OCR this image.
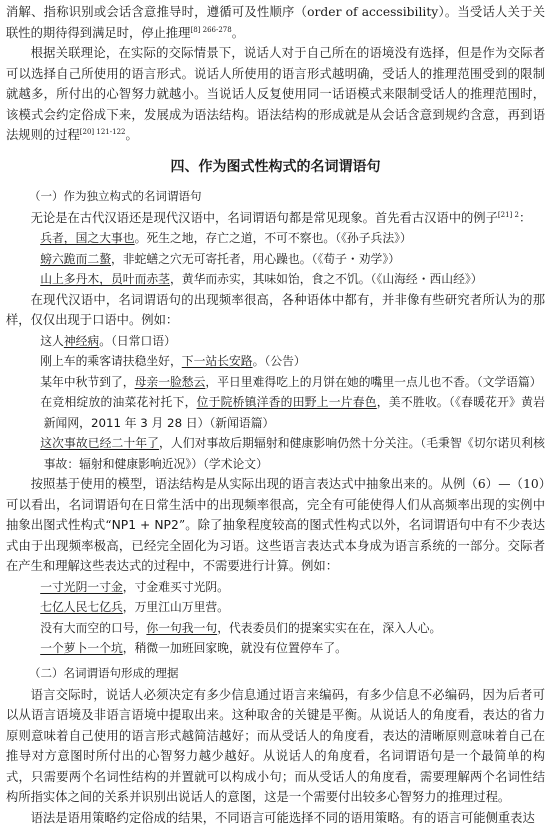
消解、指称识别或会话含意推导时，遵循可及性顺序（order of accessibility）。当受话人关于关联性的期待得到满足时，停止推理$^{[8] 266-278}$。

根据关联理论，在实际的交际情景下，说话人对于自己所在的语境没有选择，但是作为交际者可以选择自己所使用的语言形式。说话人所使用的语言形式越明确，受话人的推理范围受到的限制就越多，所付出的心智努力就越小。当说话人反复使用同一话语模式来限制受话人的推理范围时，该模式会约定俗成下来，发展成为语法结构。语法结构的形成就是从会话含意到规约含意，再到语法规则的过程$^{[20] 121-122}$。

四、作为图式性构式的名词谓语句
（一）作为独立构式的名词谓语句

无论是在古代汉语还是现代汉语中，名词谓语句都是常见现象。首先看古汉语中的例子$^{[21] 2}$：

兵者，国之大事也。死生之地，存亡之道，不可不察也。（《孙子兵法》）

螃六跪而二螯，非蛇蟮之穴无可寄托者，用心躁也。（《荀子・劝学》）

山上多丹木，员叶而赤茎，黄华而赤实，其味如饴，食之不饥。（《山海经・西山经》）

在现代汉语中，名词谓语句的出现频率很高，各种语体中都有，并非像有些研究者所认为的那样，仅仅出现于口语中。例如：

这人神经病。（日常口语）

刚上车的乘客请扶稳坐好，下一站长安路。（公告）

某年中秋节到了，母亲一脸愁云，平日里难得吃上的月饼在她的嘴里一点儿也不香。（文学语篇）

在竞相绽放的油菜花衬托下，位于院桥镇洋香的田野上一片春色，美不胜收。（《春暖花开》黄岩新闻网，2011 年 3 月 28 日）（新闻语篇）

这次事故已经二十年了，人们对事故后期辐射和健康影响仍然十分关注。（毛秉智《切尔诺贝利核事故：辐射和健康影响近况》）（学术论文）

按照基于使用的模型，语法结构是从实际出现的语言表达式中抽象出来的。从例（6）—（10）可以看出，名词谓语句在日常生活中的出现频率很高，完全有可能使得人们从高频率出现的实例中抽象出图式性构式“NP1 + NP2”。除了抽象程度较高的图式性构式以外，名词谓语句中有不少表达式由于出现频率极高，已经完全固化为习语。这些语言表达式本身成为语言系统的一部分。交际者在产生和理解这些表达式的过程中，不需要进行计算。例如：

一寸光阴一寸金，寸金难买寸光阴。

七亿人民七亿兵，万里江山万里营。

没有大而空的口号，你一句我一句，代表委员们的提案实实在在，深入人心。

一个萝卜一个坑，稍微一加班回家晚，就没有位置停车了。

（二）名词谓语句形成的理据

语言交际时，说话人必须决定有多少信息通过语言来编码，有多少信息不必编码，因为后者可以从语言语境及非语言语境中提取出来。这种取舍的关键是平衡。从说话人的角度看，表达的省力原则意味着自己使用的语言形式越简洁越好；而从受话人的角度看，表达的清晰原则意味着自己在推导对方意图时所付出的心智努力越少越好。从说话人的角度看，名词谓语句是一个最简单的构式，只需要两个名词性结构的并置就可以构成小句；而从受话人的角度看，需要理解两个名词性结构所指实体之间的关系并识别出说话人的意图，这是一个需要付出较多心智努力的推理过程。

语法是语用策略约定俗成的结果，不同语言可能选择不同的语用策略。有的语言可能侧重表达
